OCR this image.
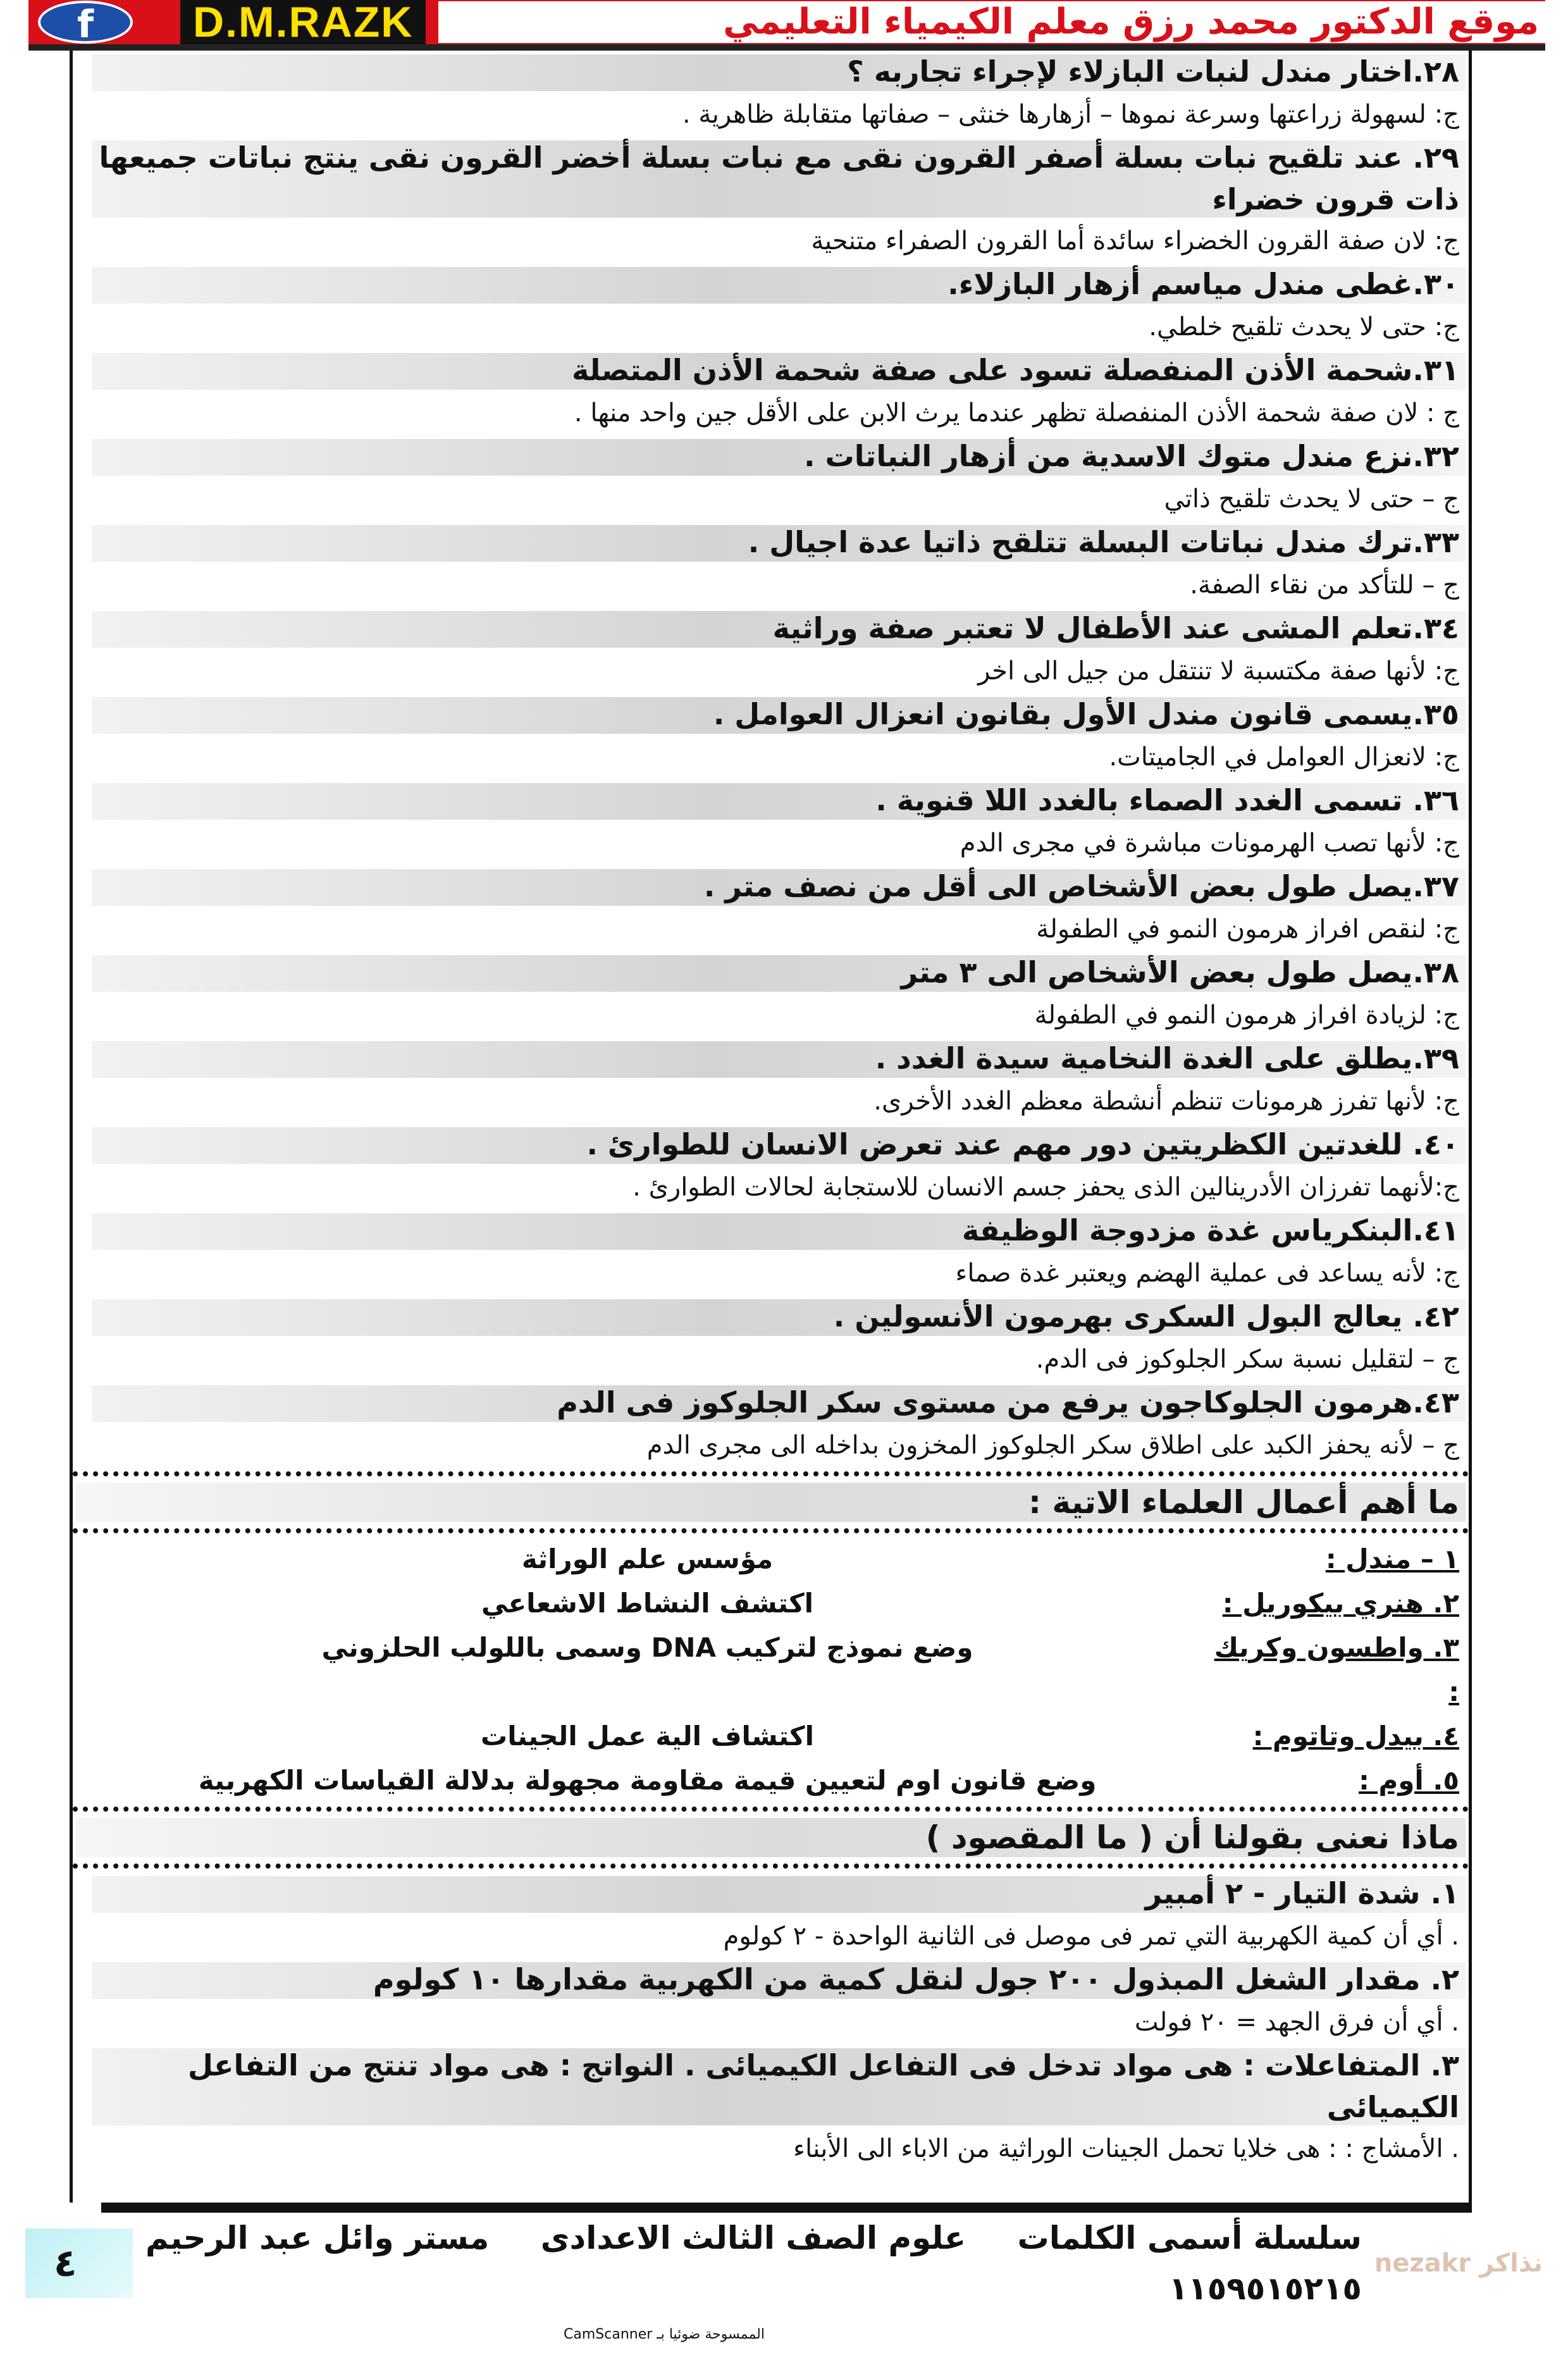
f	D.M.RAZK	موقع الدكتور محمد رزق معلم الكيمياء التعليمي
٢٨.اختار مندل لنبات البازلاء لإجراء تجاربه ؟
ج: لسهولة زراعتها وسرعة نموها – أزهارها خنثى – صفاتها متقابلة ظاهرية .
٢٩. عند تلقيح نبات بسلة أصفر القرون نقى مع نبات بسلة أخضر القرون نقى ينتج نباتات جميعها ذات قرون خضراء
ج: لان صفة القرون الخضراء سائدة أما القرون الصفراء متنحية
٣٠.غطى مندل مياسم أزهار البازلاء.
ج: حتى لا يحدث تلقيح خلطي.
٣١.شحمة الأذن المنفصلة تسود على صفة شحمة الأذن المتصلة
ج : لان صفة شحمة الأذن المنفصلة تظهر عندما يرث الابن على الأقل جين واحد منها .
٣٢.نزع مندل متوك الاسدية من أزهار النباتات .
ج – حتى لا يحدث تلقيح ذاتي
٣٣.ترك مندل نباتات البسلة تتلقح ذاتيا عدة اجيال .
ج – للتأكد من نقاء الصفة.
٣٤.تعلم المشى عند الأطفال لا تعتبر صفة وراثية
ج: لأنها صفة مكتسبة لا تنتقل من جيل الى اخر
٣٥.يسمى قانون مندل الأول بقانون انعزال العوامل .
ج: لانعزال العوامل في الجاميتات.
٣٦. تسمى الغدد الصماء بالغدد اللا قنوية .
ج: لأنها تصب الهرمونات مباشرة في مجرى الدم
٣٧.يصل طول بعض الأشخاص الى أقل من نصف متر .
ج: لنقص افراز هرمون النمو في الطفولة
٣٨.يصل طول بعض الأشخاص الى ٣ متر
ج: لزيادة افراز هرمون النمو في الطفولة
٣٩.يطلق على الغدة النخامية سيدة الغدد .
ج: لأنها تفرز هرمونات تنظم أنشطة معظم الغدد الأخرى.
٤٠. للغدتين الكظريتين دور مهم عند تعرض الانسان للطوارئ .
ج:لأنهما تفرزان الأدرينالين الذى يحفز جسم الانسان للاستجابة لحالات الطوارئ .
٤١.البنكرياس غدة مزدوجة الوظيفة
ج: لأنه يساعد فى عملية الهضم ويعتبر غدة صماء
٤٢. يعالج البول السكرى بهرمون الأنسولين .
ج – لتقليل نسبة سكر الجلوكوز فى الدم.
٤٣.هرمون الجلوكاجون يرفع من مستوى سكر الجلوكوز فى الدم
ج – لأنه يحفز الكبد على اطلاق سكر الجلوكوز المخزون بداخله الى مجرى الدم
ما أهم أعمال العلماء الاتية :
١ – مندل :
مؤسس علم الوراثة
٢. هنري بيكوريل :
اكتشف النشاط الاشعاعي
٣. واطسون وكريك :
وضع نموذج لتركيب DNA وسمى باللولب الحلزوني
٤. بيدل وتاتوم :
اكتشاف الية عمل الجينات
٥. أوم :
وضع قانون اوم لتعيين قيمة مقاومة مجهولة بدلالة القياسات الكهربية
ماذا نعنى بقولنا أن ( ما المقصود )
١. شدة التيار - ٢ أمبير
. أي أن كمية الكهربية التي تمر فى موصل فى الثانية الواحدة - ٢ كولوم
٢. مقدار الشغل المبذول ٢٠٠ جول لنقل كمية من الكهربية مقدارها ١٠ كولوم
. أي أن فرق الجهد = ٢٠ فولت
٣. المتفاعلات : هى مواد تدخل فى التفاعل الكيميائى . النواتج : هى مواد تنتج من التفاعل الكيميائى
. الأمشاج : : هى خلايا تحمل الجينات الوراثية من الاباء الى الأبناء
٤
سلسلة أسمى الكلمات
علوم الصف الثالث الاعدادى
مستر وائل عبد الرحيم
١١٥٩٥١٥٢١٥
نذاكر nezakr
الممسوحة ضوئيا بـ CamScanner
